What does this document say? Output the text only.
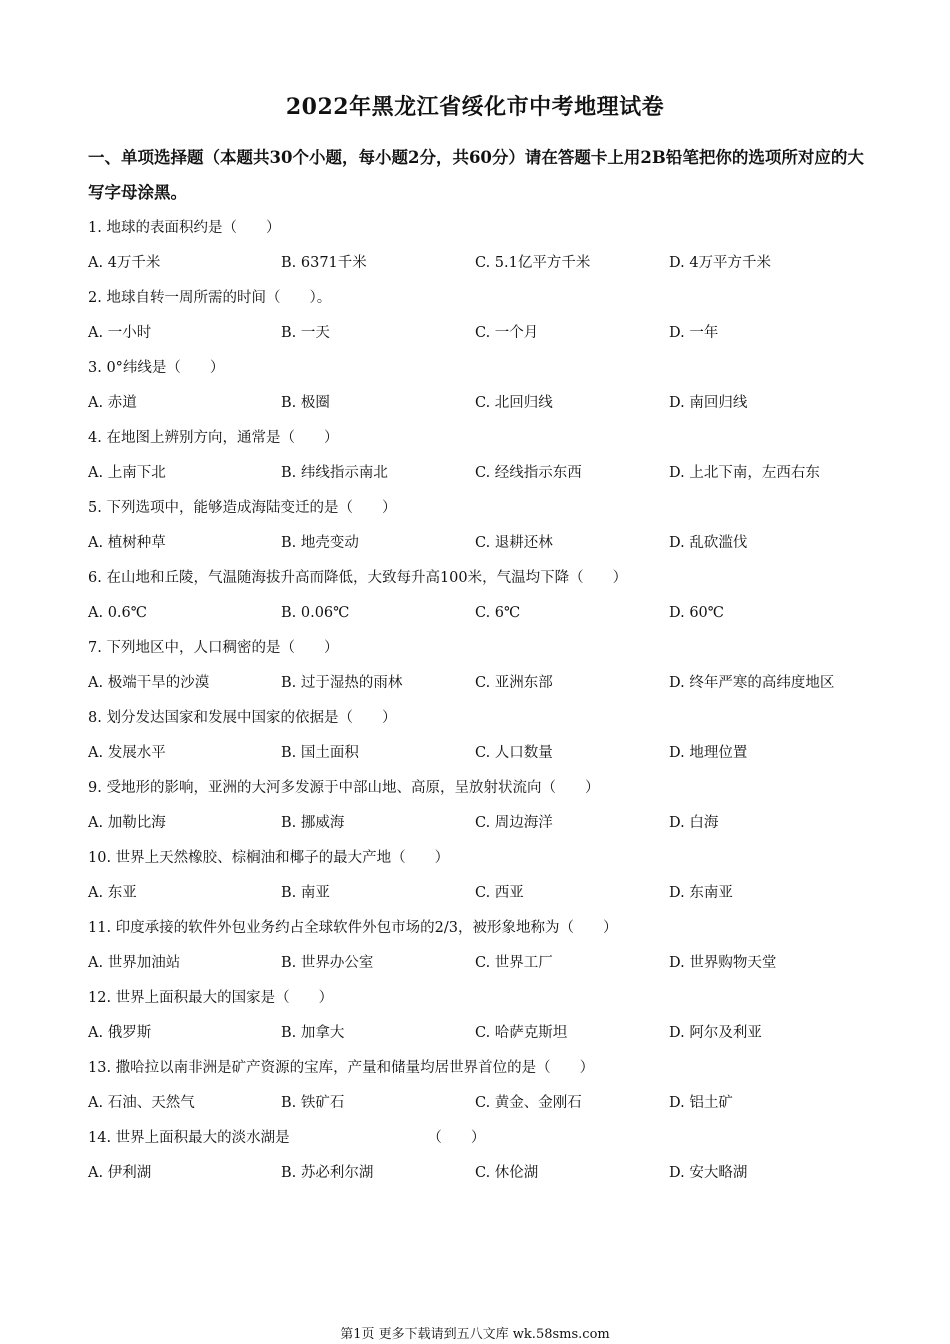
2022年黑龙江省绥化市中考地理试卷
一、单项选择题（本题共30个小题，每小题2分，共60分）请在答题卡上用2B铅笔把你的选项所对应的大写字母涂黑。
1. 地球的表面积约是（　　）
A. 4万千米	B. 6371千米	C. 5.1亿平方千米	D. 4万平方千米
2. 地球自转一周所需的时间（　　）。
A. 一小时	B. 一天	C. 一个月	D. 一年
3. 0°纬线是（　　）
A. 赤道	B. 极圈	C. 北回归线	D. 南回归线
4. 在地图上辨别方向，通常是（　　）
A. 上南下北	B. 纬线指示南北	C. 经线指示东西	D. 上北下南，左西右东
5. 下列选项中，能够造成海陆变迁的是（　　）
A. 植树种草	B. 地壳变动	C. 退耕还林	D. 乱砍滥伐
6. 在山地和丘陵，气温随海拔升高而降低，大致每升高100米，气温均下降（　　）
A. 0.6℃	B. 0.06℃	C. 6℃	D. 60℃
7. 下列地区中，人口稠密的是（　　）
A. 极端干旱的沙漠	B. 过于湿热的雨林	C. 亚洲东部	D. 终年严寒的高纬度地区
8. 划分发达国家和发展中国家的依据是（　　）
A. 发展水平	B. 国土面积	C. 人口数量	D. 地理位置
9. 受地形的影响，亚洲的大河多发源于中部山地、高原，呈放射状流向（　　）
A. 加勒比海	B. 挪威海	C. 周边海洋	D. 白海
10. 世界上天然橡胶、棕榈油和椰子的最大产地（　　）
A. 东亚	B. 南亚	C. 西亚	D. 东南亚
11. 印度承接的软件外包业务约占全球软件外包市场的2/3，被形象地称为（　　）
A. 世界加油站	B. 世界办公室	C. 世界工厂	D. 世界购物天堂
12. 世界上面积最大的国家是（　　）
A. 俄罗斯	B. 加拿大	C. 哈萨克斯坦	D. 阿尔及利亚
13. 撒哈拉以南非洲是矿产资源的宝库，产量和储量均居世界首位的是（　　）
A. 石油、天然气	B. 铁矿石	C. 黄金、金刚石	D. 铝土矿
14. 世界上面积最大的淡水湖是　　　　　　　　　　（　　）
A. 伊利湖	B. 苏必利尔湖	C. 休伦湖	D. 安大略湖
第1页 更多下载请到五八文库 wk.58sms.com
